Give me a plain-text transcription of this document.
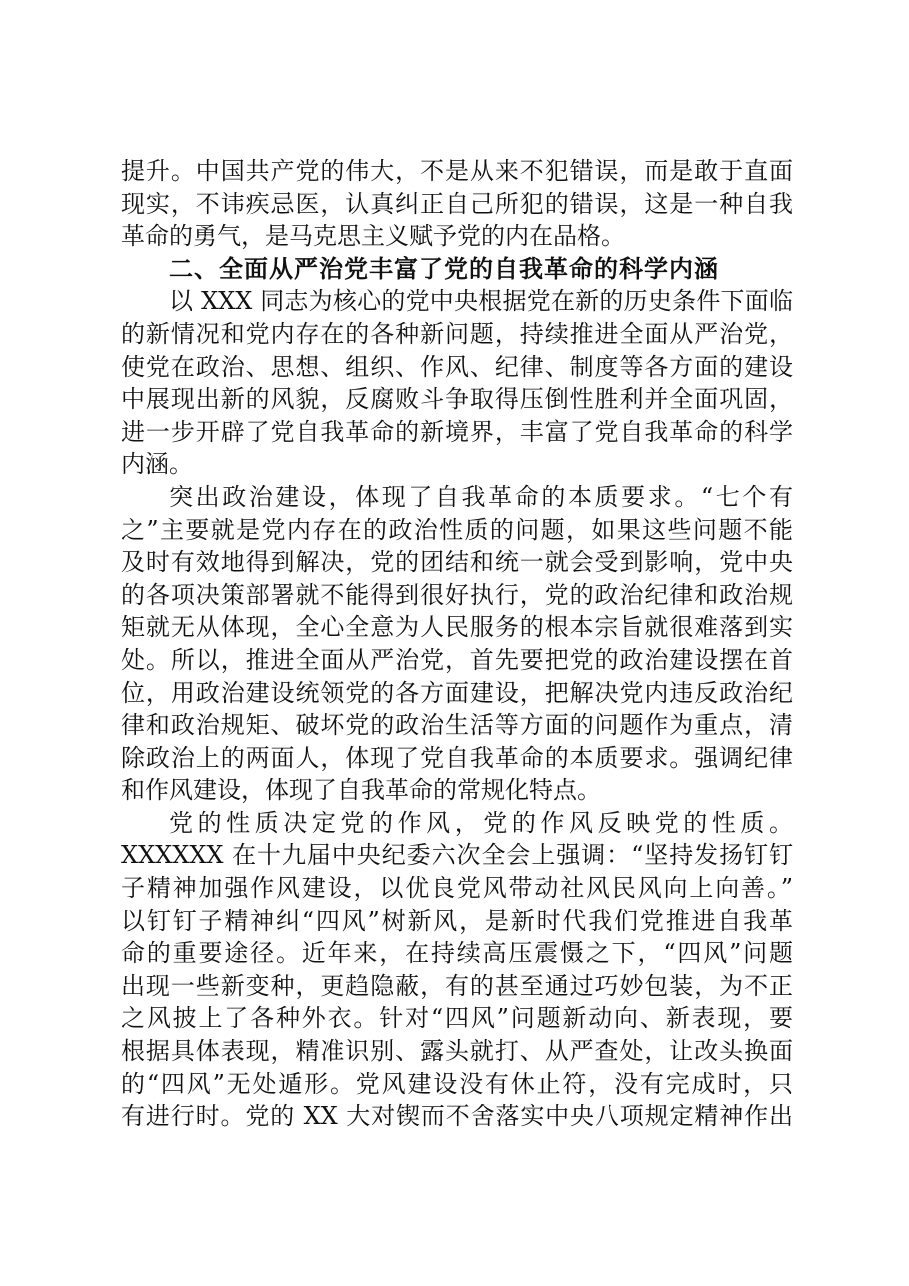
提升。中国共产党的伟大，不是从来不犯错误，而是敢于直面
现实，不讳疾忌医，认真纠正自己所犯的错误，这是一种自我
革命的勇气，是马克思主义赋予党的内在品格。
二、全面从严治党丰富了党的自我革命的科学内涵
以 XXX 同志为核心的党中央根据党在新的历史条件下面临
的新情况和党内存在的各种新问题，持续推进全面从严治党，
使党在政治、思想、组织、作风、纪律、制度等各方面的建设
中展现出新的风貌，反腐败斗争取得压倒性胜利并全面巩固，
进一步开辟了党自我革命的新境界，丰富了党自我革命的科学
内涵。
突出政治建设，体现了自我革命的本质要求。“七个有
之”主要就是党内存在的政治性质的问题，如果这些问题不能
及时有效地得到解决，党的团结和统一就会受到影响，党中央
的各项决策部署就不能得到很好执行，党的政治纪律和政治规
矩就无从体现，全心全意为人民服务的根本宗旨就很难落到实
处。所以，推进全面从严治党，首先要把党的政治建设摆在首
位，用政治建设统领党的各方面建设，把解决党内违反政治纪
律和政治规矩、破坏党的政治生活等方面的问题作为重点，清
除政治上的两面人，体现了党自我革命的本质要求。强调纪律
和作风建设，体现了自我革命的常规化特点。
党的性质决定党的作风，党的作风反映党的性质。
XXXXXX 在十九届中央纪委六次全会上强调：“坚持发扬钉钉
子精神加强作风建设，以优良党风带动社风民风向上向善。”
以钉钉子精神纠“四风”树新风，是新时代我们党推进自我革
命的重要途径。近年来，在持续高压震慑之下，“四风”问题
出现一些新变种，更趋隐蔽，有的甚至通过巧妙包装，为不正
之风披上了各种外衣。针对“四风”问题新动向、新表现，要
根据具体表现，精准识别、露头就打、从严查处，让改头换面
的“四风”无处遁形。党风建设没有休止符，没有完成时，只
有进行时。党的 XX 大对锲而不舍落实中央八项规定精神作出
